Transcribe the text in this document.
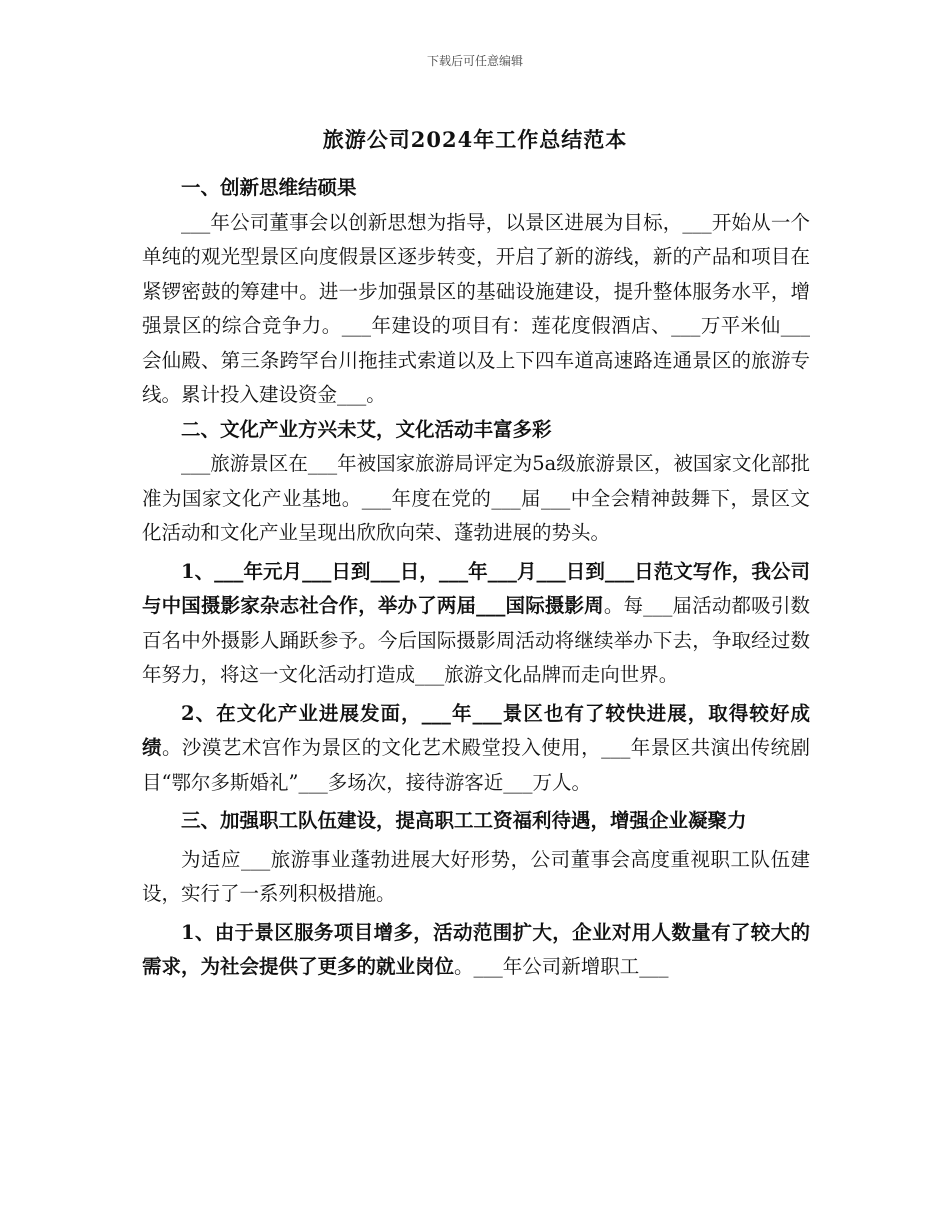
下载后可任意编辑
旅游公司2024年工作总结范本

一、创新思维结硕果

___年公司董事会以创新思想为指导，以景区进展为目标，___开始从一个单纯的观光型景区向度假景区逐步转变，开启了新的游线，新的产品和项目在紧锣密鼓的筹建中。进一步加强景区的基础设施建设，提升整体服务水平，增强景区的综合竞争力。___年建设的项目有：莲花度假酒店、___万平米仙___会仙殿、第三条跨罕台川拖挂式索道以及上下四车道高速路连通景区的旅游专线。累计投入建设资金___。

二、文化产业方兴未艾，文化活动丰富多彩

___旅游景区在___年被国家旅游局评定为5a级旅游景区，被国家文化部批准为国家文化产业基地。___年度在党的___届___中全会精神鼓舞下，景区文化活动和文化产业呈现出欣欣向荣、蓬勃进展的势头。

1、___年元月___日到___日，___年___月___日到___日范文写作，我公司与中国摄影家杂志社合作，举办了两届___国际摄影周。每___届活动都吸引数百名中外摄影人踊跃参予。今后国际摄影周活动将继续举办下去，争取经过数年努力，将这一文化活动打造成___旅游文化品牌而走向世界。

2、在文化产业进展发面，___年___景区也有了较快进展，取得较好成绩。沙漠艺术宫作为景区的文化艺术殿堂投入使用，___年景区共演出传统剧目“鄂尔多斯婚礼”___多场次，接待游客近___万人。

三、加强职工队伍建设，提高职工工资福利待遇，增强企业凝聚力

为适应___旅游事业蓬勃进展大好形势，公司董事会高度重视职工队伍建设，实行了一系列积极措施。

1、由于景区服务项目增多，活动范围扩大，企业对用人数量有了较大的需求，为社会提供了更多的就业岗位。___年公司新增职工___
